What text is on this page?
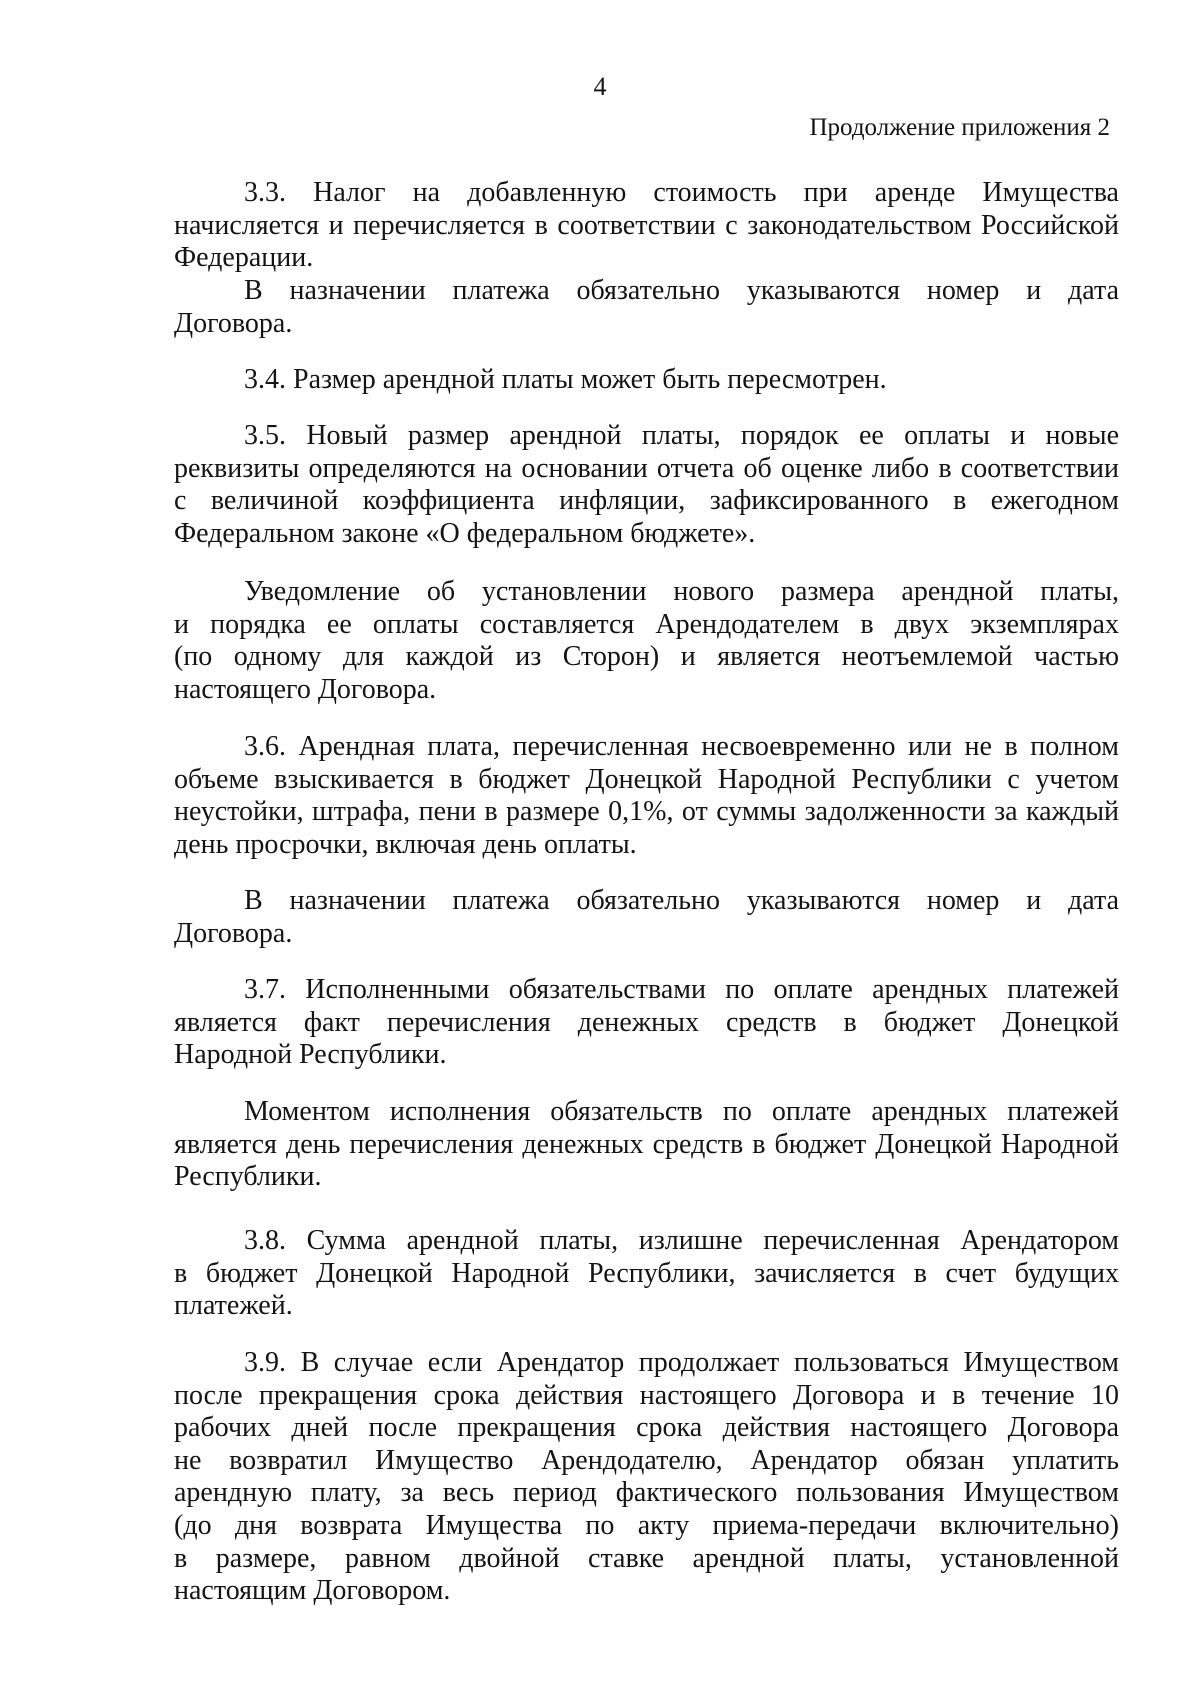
4
Продолжение приложения 2
3.3. Налог на добавленную стоимость при аренде Имущества
начисляется и перечисляется в соответствии с законодательством Российской
Федерации.
В назначении платежа обязательно указываются номер и дата
Договора.
3.4. Размер арендной платы может быть пересмотрен.
3.5. Новый размер арендной платы, порядок ее оплаты и новые
реквизиты определяются на основании отчета об оценке либо в соответствии
с величиной коэффициента инфляции, зафиксированного в ежегодном
Федеральном законе «О федеральном бюджете».
Уведомление об установлении нового размера арендной платы,
и порядка ее оплаты составляется Арендодателем в двух экземплярах
(по одному для каждой из Сторон) и является неотъемлемой частью
настоящего Договора.
3.6. Арендная плата, перечисленная несвоевременно или не в полном
объеме взыскивается в бюджет Донецкой Народной Республики с учетом
неустойки, штрафа, пени в размере 0,1%, от суммы задолженности за каждый
день просрочки, включая день оплаты.
В назначении платежа обязательно указываются номер и дата
Договора.
3.7. Исполненными обязательствами по оплате арендных платежей
является факт перечисления денежных средств в бюджет Донецкой
Народной Республики.
Моментом исполнения обязательств по оплате арендных платежей
является день перечисления денежных средств в бюджет Донецкой Народной
Республики.
3.8. Сумма арендной платы, излишне перечисленная Арендатором
в бюджет Донецкой Народной Республики, зачисляется в счет будущих
платежей.
3.9. В случае если Арендатор продолжает пользоваться Имуществом
после прекращения срока действия настоящего Договора и в течение 10
рабочих дней после прекращения срока действия настоящего Договора
не возвратил Имущество Арендодателю, Арендатор обязан уплатить
арендную плату, за весь период фактического пользования Имуществом
(до дня возврата Имущества по акту приема-передачи включительно)
в размере, равном двойной ставке арендной платы, установленной
настоящим Договором.
